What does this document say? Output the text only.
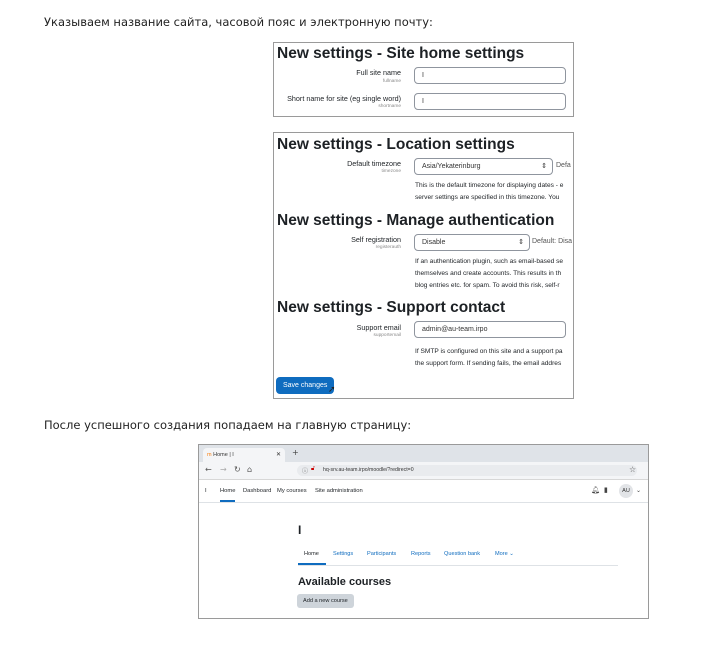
Указываем название сайта, часовой пояс и электронную почту:
New settings - Site home settings
Full site name
fullname
I
Short name for site (eg single word)
shortname
I
New settings - Location settings
Default timezone
timezone
Asia/Yekaterinburg	⇕ Defa
This is the default timezone for displaying dates - e
server settings are specified in this timezone. You
New settings - Manage authentication
Self registration
registerauth
Disable	⇕ Default: Disa
If an authentication plugin, such as email-based se
themselves and create accounts. This results in th
blog entries etc. for spam. To avoid this risk, self-r
New settings - Support contact
Support email
supportemail
admin@au-team.irpo
If SMTP is configured on this site and a support pa
the support form. If sending fails, the email addres
Save changes ➚
После успешного создания попадаем на главную страницу:
m Home | I	✕ +
← → ↻ ⌂	ⓘ 🔓︎ hq-srv.au-team.irpo/moodle/?redirect=0	☆
I Home Dashboard My courses Site administration	🔔︎ ▮	AU	⌄
I
Home	Settings Participants	Reports Question bank	More ⌄
Available courses
Add a new course
